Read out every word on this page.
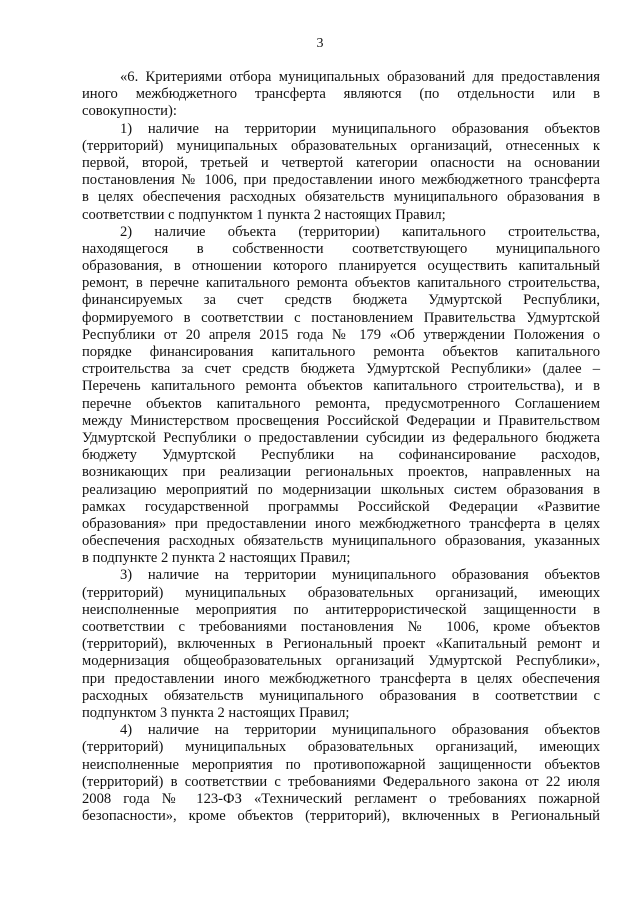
3
«6. Критериями отбора муниципальных образований для предоставления
иного межбюджетного трансферта являются (по отдельности или в
совокупности):
1) наличие на территории муниципального образования объектов
(территорий) муниципальных образовательных организаций, отнесенных к
первой, второй, третьей и четвертой категории опасности на основании
постановления № 1006, при предоставлении иного межбюджетного трансферта
в целях обеспечения расходных обязательств муниципального образования в
соответствии с подпунктом 1 пункта 2 настоящих Правил;
2) наличие объекта (территории) капитального строительства,
находящегося в собственности соответствующего муниципального
образования, в отношении которого планируется осуществить капитальный
ремонт, в перечне капитального ремонта объектов капитального строительства,
финансируемых за счет средств бюджета Удмуртской Республики,
формируемого в соответствии с постановлением Правительства Удмуртской
Республики от 20 апреля 2015 года № 179 «Об утверждении Положения о
порядке финансирования капитального ремонта объектов капитального
строительства за счет средств бюджета Удмуртской Республики» (далее –
Перечень капитального ремонта объектов капитального строительства), и в
перечне объектов капитального ремонта, предусмотренного Соглашением
между Министерством просвещения Российской Федерации и Правительством
Удмуртской Республики о предоставлении субсидии из федерального бюджета
бюджету Удмуртской Республики на софинансирование расходов,
возникающих при реализации региональных проектов, направленных на
реализацию мероприятий по модернизации школьных систем образования в
рамках государственной программы Российской Федерации «Развитие
образования» при предоставлении иного межбюджетного трансферта в целях
обеспечения расходных обязательств муниципального образования, указанных
в подпункте 2 пункта 2 настоящих Правил;
3) наличие на территории муниципального образования объектов
(территорий) муниципальных образовательных организаций, имеющих
неисполненные мероприятия по антитеррористической защищенности в
соответствии с требованиями постановления № 1006, кроме объектов
(территорий), включенных в Региональный проект «Капитальный ремонт и
модернизация общеобразовательных организаций Удмуртской Республики»,
при предоставлении иного межбюджетного трансферта в целях обеспечения
расходных обязательств муниципального образования в соответствии с
подпунктом 3 пункта 2 настоящих Правил;
4) наличие на территории муниципального образования объектов
(территорий) муниципальных образовательных организаций, имеющих
неисполненные мероприятия по противопожарной защищенности объектов
(территорий) в соответствии с требованиями Федерального закона от 22 июля
2008 года № 123-ФЗ «Технический регламент о требованиях пожарной
безопасности», кроме объектов (территорий), включенных в Региональный
